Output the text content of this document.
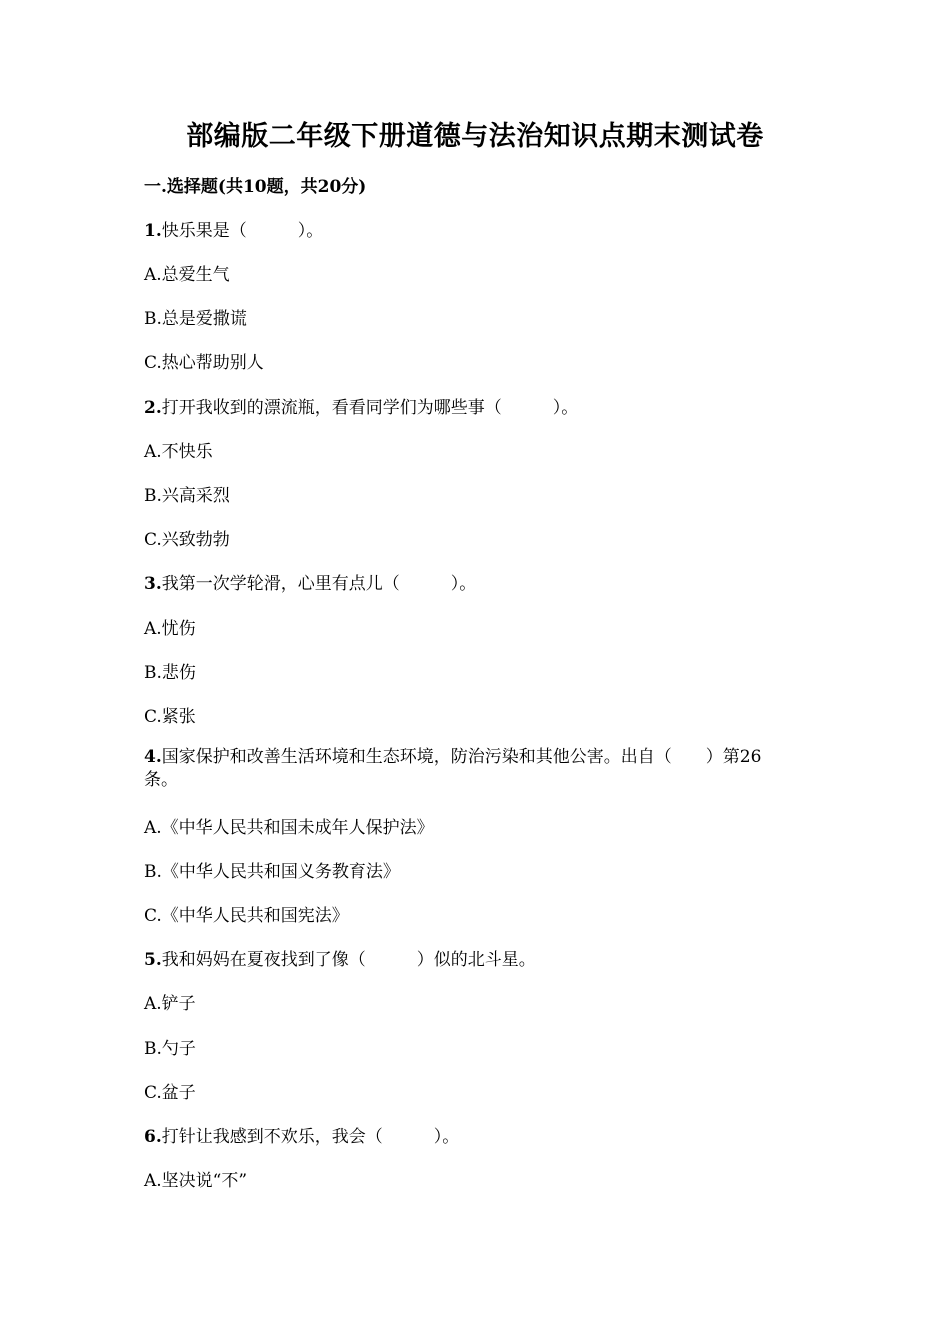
部编版二年级下册道德与法治知识点期末测试卷
一.选择题(共10题，共20分)
1.快乐果是（　　　）。
A.总爱生气
B.总是爱撒谎
C.热心帮助别人
2.打开我收到的漂流瓶，看看同学们为哪些事（　　　）。
A.不快乐
B.兴高采烈
C.兴致勃勃
3.我第一次学轮滑，心里有点儿（　　　）。
A.忧伤
B.悲伤
C.紧张
4.国家保护和改善生活环境和生态环境，防治污染和其他公害。出自（　　）第26条。
A.《中华人民共和国未成年人保护法》
B.《中华人民共和国义务教育法》
C.《中华人民共和国宪法》
5.我和妈妈在夏夜找到了像（　　　）似的北斗星。
A.铲子
B.勺子
C.盆子
6.打针让我感到不欢乐，我会（　　　）。
A.坚决说“不”
